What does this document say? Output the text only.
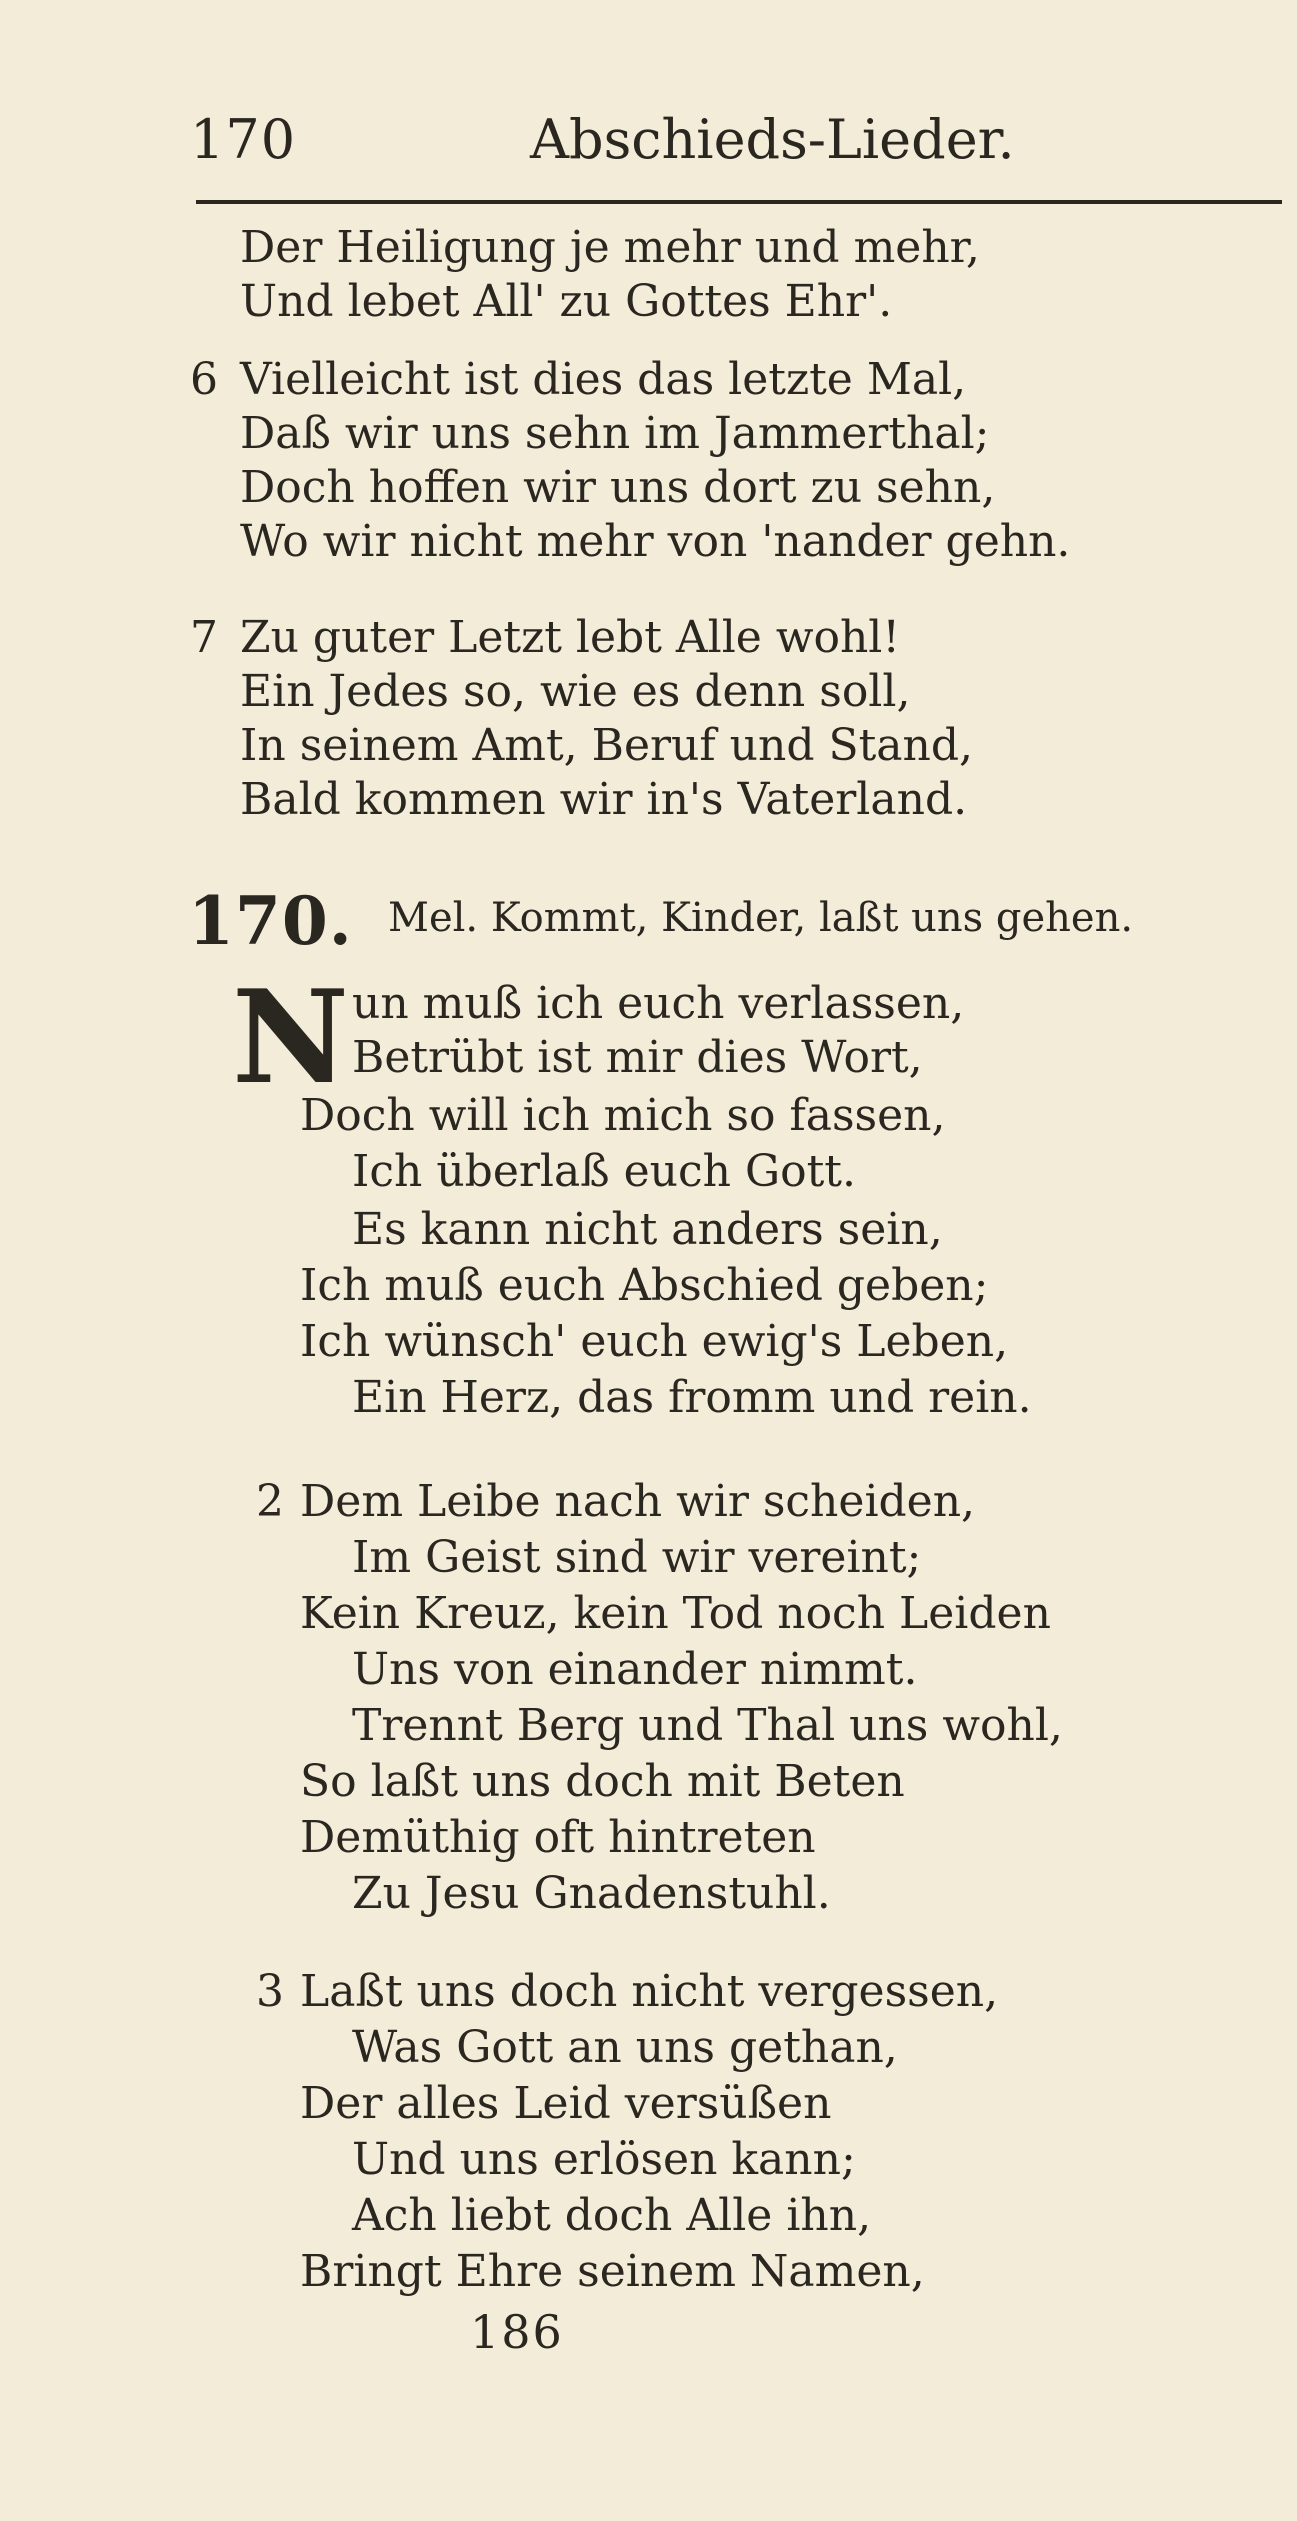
170	Abschieds-Lieder.
Der Heiligung je mehr und mehr,
Und lebet All' zu Gottes Ehr'.
6 Vielleicht ist dies das letzte Mal,
Daß wir uns sehn im Jammerthal;
Doch hoffen wir uns dort zu sehn,
Wo wir nicht mehr von 'nander gehn.
7 Zu guter Letzt lebt Alle wohl!
Ein Jedes so, wie es denn soll,
In seinem Amt, Beruf und Stand,
Bald kommen wir in's Vaterland.
170. Mel. Kommt, Kinder, laßt uns gehen.
N un muß ich euch verlassen,
Betrübt ist mir dies Wort,
Doch will ich mich so fassen,
Ich überlaß euch Gott.
Es kann nicht anders sein,
Ich muß euch Abschied geben;
Ich wünsch' euch ewig's Leben,
Ein Herz, das fromm und rein.
2 Dem Leibe nach wir scheiden,
Im Geist sind wir vereint;
Kein Kreuz, kein Tod noch Leiden
Uns von einander nimmt.
Trennt Berg und Thal uns wohl,
So laßt uns doch mit Beten
Demüthig oft hintreten
Zu Jesu Gnadenstuhl.
3 Laßt uns doch nicht vergessen,
Was Gott an uns gethan,
Der alles Leid versüßen
Und uns erlösen kann;
Ach liebt doch Alle ihn,
Bringt Ehre seinem Namen,
186
